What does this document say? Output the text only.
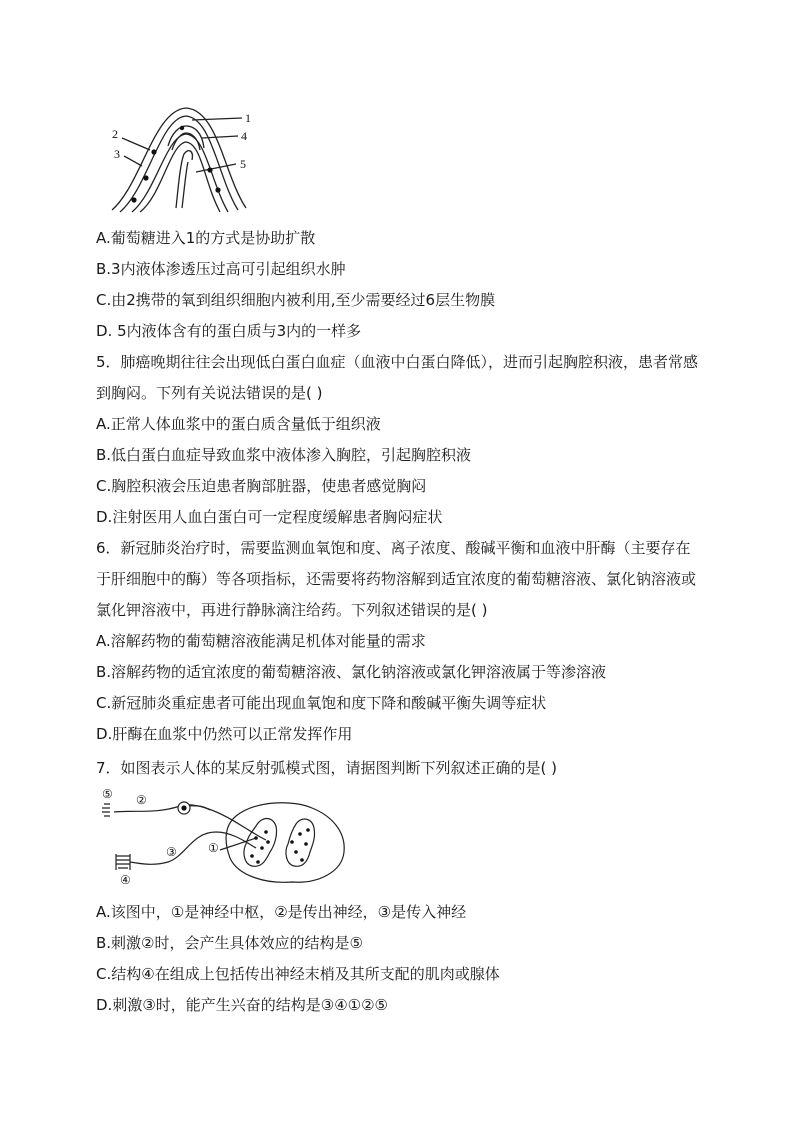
1
2
3
4
5
A.葡萄糖进入1的方式是协助扩散
B.3内液体渗透压过高可引起组织水肿
C.由2携带的氧到组织细胞内被利用,至少需要经过6层生物膜
D. 5内液体含有的蛋白质与3内的一样多
5．肺癌晚期往往会出现低白蛋白血症（血液中白蛋白降低），进而引起胸腔积液，患者常感到胸闷。下列有关说法错误的是( )
A.正常人体血浆中的蛋白质含量低于组织液
B.低白蛋白血症导致血浆中液体渗入胸腔，引起胸腔积液
C.胸腔积液会压迫患者胸部脏器，使患者感觉胸闷
D.注射医用人血白蛋白可一定程度缓解患者胸闷症状
6．新冠肺炎治疗时，需要监测血氧饱和度、离子浓度、酸碱平衡和血液中肝酶（主要存在于肝细胞中的酶）等各项指标，还需要将药物溶解到适宜浓度的葡萄糖溶液、氯化钠溶液或氯化钾溶液中，再进行静脉滴注给药。下列叙述错误的是( )
A.溶解药物的葡萄糖溶液能满足机体对能量的需求
B.溶解药物的适宜浓度的葡萄糖溶液、氯化钠溶液或氯化钾溶液属于等渗溶液
C.新冠肺炎重症患者可能出现血氧饱和度下降和酸碱平衡失调等症状
D.肝酶在血浆中仍然可以正常发挥作用
7．如图表示人体的某反射弧模式图，请据图判断下列叙述正确的是( )
①
②
③
④
⑤
A.该图中，①是神经中枢，②是传出神经，③是传入神经
B.刺激②时，会产生具体效应的结构是⑤
C.结构④在组成上包括传出神经末梢及其所支配的肌肉或腺体
D.刺激③时，能产生兴奋的结构是③④①②⑤
